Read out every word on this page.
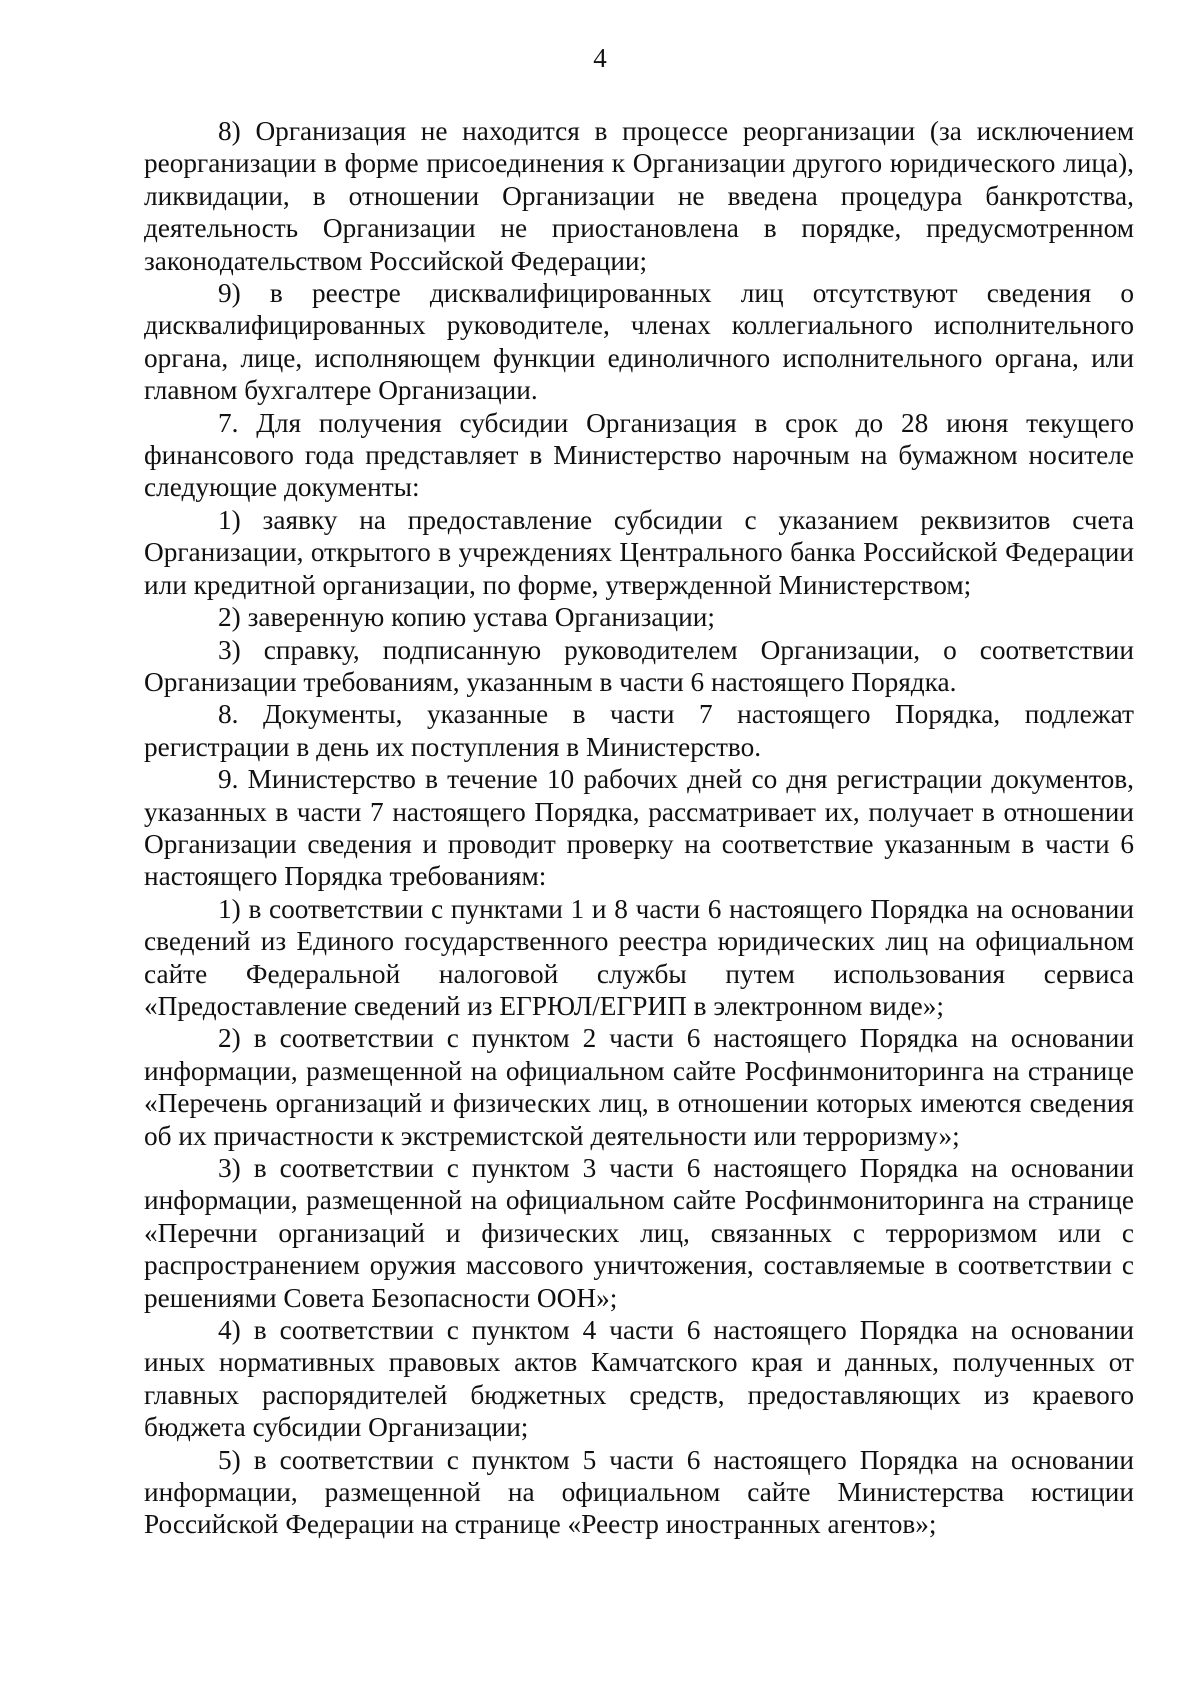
4

8) Организация не находится в процессе реорганизации (за исключением реорганизации в форме присоединения к Организации другого юридического лица), ликвидации, в отношении Организации не введена процедура банкротства, деятельность Организации не приостановлена в порядке, предусмотренном законодательством Российской Федерации;

9) в реестре дисквалифицированных лиц отсутствуют сведения о дисквалифицированных руководителе, членах коллегиального исполнительного органа, лице, исполняющем функции единоличного исполнительного органа, или главном бухгалтере Организации.

7. Для получения субсидии Организация в срок до 28 июня текущего финансового года представляет в Министерство нарочным на бумажном носителе следующие документы:

1) заявку на предоставление субсидии с указанием реквизитов счета Организации, открытого в учреждениях Центрального банка Российской Федерации или кредитной организации, по форме, утвержденной Министерством;

2) заверенную копию устава Организации;

3) справку, подписанную руководителем Организации, о соответствии Организации требованиям, указанным в части 6 настоящего Порядка.

8. Документы, указанные в части 7 настоящего Порядка, подлежат регистрации в день их поступления в Министерство.

9. Министерство в течение 10 рабочих дней со дня регистрации документов, указанных в части 7 настоящего Порядка, рассматривает их, получает в отношении Организации сведения и проводит проверку на соответствие указанным в части 6 настоящего Порядка требованиям:

1) в соответствии с пунктами 1 и 8 части 6 настоящего Порядка на основании сведений из Единого государственного реестра юридических лиц на официальном сайте Федеральной налоговой службы путем использования сервиса «Предоставление сведений из ЕГРЮЛ/ЕГРИП в электронном виде»;

2) в соответствии с пунктом 2 части 6 настоящего Порядка на основании информации, размещенной на официальном сайте Росфинмониторинга на странице «Перечень организаций и физических лиц, в отношении которых имеются сведения об их причастности к экстремистской деятельности или терроризму»;

3) в соответствии с пунктом 3 части 6 настоящего Порядка на основании информации, размещенной на официальном сайте Росфинмониторинга на странице «Перечни организаций и физических лиц, связанных с терроризмом или с распространением оружия массового уничтожения, составляемые в соответствии с решениями Совета Безопасности ООН»;

4) в соответствии с пунктом 4 части 6 настоящего Порядка на основании иных нормативных правовых актов Камчатского края и данных, полученных от главных распорядителей бюджетных средств, предоставляющих из краевого бюджета субсидии Организации;

5) в соответствии с пунктом 5 части 6 настоящего Порядка на основании информации, размещенной на официальном сайте Министерства юстиции Российской Федерации на странице «Реестр иностранных агентов»;
